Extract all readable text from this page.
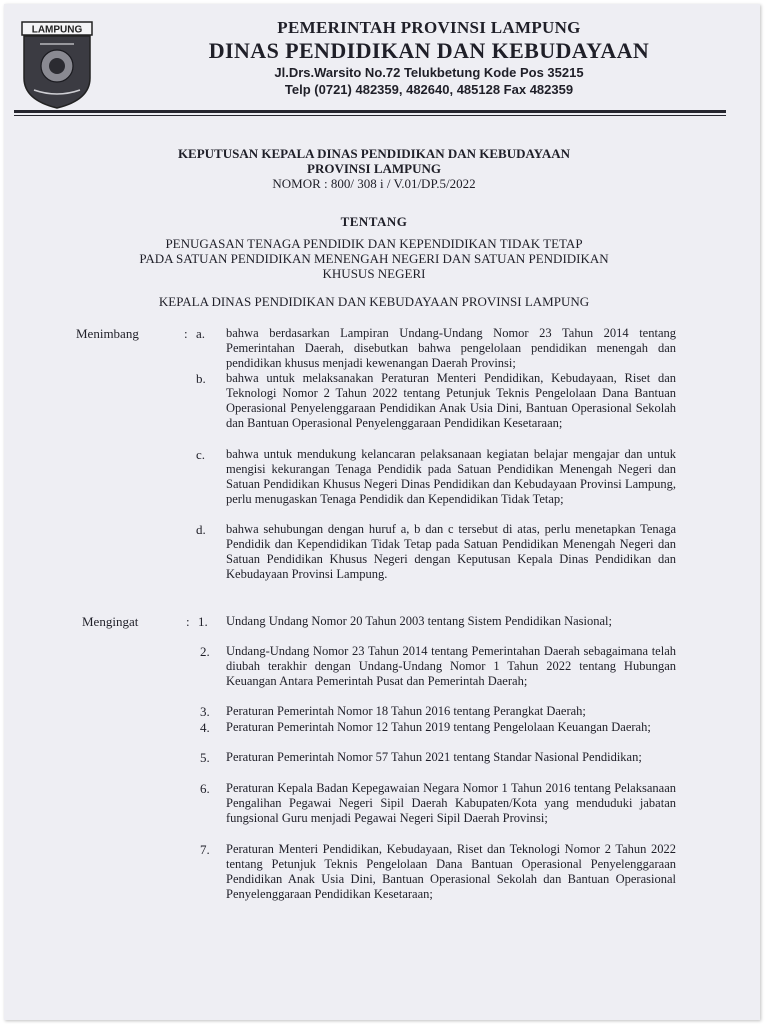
LAMPUNG	PEMERINTAH PROVINSI LAMPUNG
DINAS PENDIDIKAN DAN KEBUDAYAAN
Jl.Drs.Warsito No.72 Telukbetung Kode Pos 35215
Telp (0721) 482359, 482640, 485128 Fax 482359
KEPUTUSAN KEPALA DINAS PENDIDIKAN DAN KEBUDAYAAN
PROVINSI LAMPUNG
NOMOR : 800/ 308 i / V.01/DP.5/2022
TENTANG
PENUGASAN TENAGA PENDIDIK DAN KEPENDIDIKAN TIDAK TETAP
PADA SATUAN PENDIDIKAN MENENGAH NEGERI DAN SATUAN PENDIDIKAN
KHUSUS NEGERI
KEPALA DINAS PENDIDIKAN DAN KEBUDAYAAN PROVINSI LAMPUNG
Menimbang	: a. bahwa berdasarkan Lampiran Undang-Undang Nomor 23 Tahun 2014 tentang Pemerintahan Daerah, disebutkan bahwa pengelolaan pendidikan menengah dan pendidikan khusus menjadi kewenangan Daerah Provinsi;
b. bahwa untuk melaksanakan Peraturan Menteri Pendidikan, Kebudayaan, Riset dan Teknologi Nomor 2 Tahun 2022 tentang Petunjuk Teknis Pengelolaan Dana Bantuan Operasional Penyelenggaraan Pendidikan Anak Usia Dini, Bantuan Operasional Sekolah dan Bantuan Operasional Penyelenggaraan Pendidikan Kesetaraan;
c. bahwa untuk mendukung kelancaran pelaksanaan kegiatan belajar mengajar dan untuk mengisi kekurangan Tenaga Pendidik pada Satuan Pendidikan Menengah Negeri dan Satuan Pendidikan Khusus Negeri Dinas Pendidikan dan Kebudayaan Provinsi Lampung, perlu menugaskan Tenaga Pendidik dan Kependidikan Tidak Tetap;
d. bahwa sehubungan dengan huruf a, b dan c tersebut di atas, perlu menetapkan Tenaga Pendidik dan Kependidikan Tidak Tetap pada Satuan Pendidikan Menengah Negeri dan Satuan Pendidikan Khusus Negeri dengan Keputusan Kepala Dinas Pendidikan dan Kebudayaan Provinsi Lampung.
Mengingat	: 1. Undang Undang Nomor 20 Tahun 2003 tentang Sistem Pendidikan Nasional;
2. Undang-Undang Nomor 23 Tahun 2014 tentang Pemerintahan Daerah sebagaimana telah diubah terakhir dengan Undang-Undang Nomor 1 Tahun 2022 tentang Hubungan Keuangan Antara Pemerintah Pusat dan Pemerintah Daerah;
3. Peraturan Pemerintah Nomor 18 Tahun 2016 tentang Perangkat Daerah;
4. Peraturan Pemerintah Nomor 12 Tahun 2019 tentang Pengelolaan Keuangan Daerah;
5. Peraturan Pemerintah Nomor 57 Tahun 2021 tentang Standar Nasional Pendidikan;
6. Peraturan Kepala Badan Kepegawaian Negara Nomor 1 Tahun 2016 tentang Pelaksanaan Pengalihan Pegawai Negeri Sipil Daerah Kabupaten/Kota yang menduduki jabatan fungsional Guru menjadi Pegawai Negeri Sipil Daerah Provinsi;
7. Peraturan Menteri Pendidikan, Kebudayaan, Riset dan Teknologi Nomor 2 Tahun 2022 tentang Petunjuk Teknis Pengelolaan Dana Bantuan Operasional Penyelenggaraan Pendidikan Anak Usia Dini, Bantuan Operasional Sekolah dan Bantuan Operasional Penyelenggaraan Pendidikan Kesetaraan;
